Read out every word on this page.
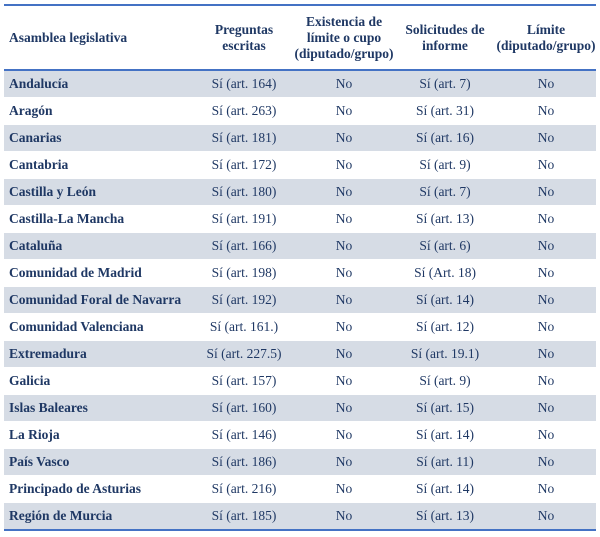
Asamblea legislativa	Preguntas escritas	Existencia de límite o cupo (diputado/grupo)	Solicitudes de informe	Límite (diputado/grupo)
Andalucía	Sí (art. 164)	No	Sí (art. 7)	No
Aragón	Sí (art. 263)	No	Sí (art. 31)	No
Canarias	Sí (art. 181)	No	Sí (art. 16)	No
Cantabria	Sí (art. 172)	No	Sí (art. 9)	No
Castilla y León	Sí (art. 180)	No	Sí (art. 7)	No
Castilla-La Mancha	Sí (art. 191)	No	Sí (art. 13)	No
Cataluña	Sí (art. 166)	No	Sí (art. 6)	No
Comunidad de Madrid	Sí (art. 198)	No	Sí (Art. 18)	No
Comunidad Foral de Navarra	Sí (art. 192)	No	Sí (art. 14)	No
Comunidad Valenciana	Sí (art. 161.)	No	Sí (art. 12)	No
Extremadura	Sí (art. 227.5)	No	Sí (art. 19.1)	No
Galicia	Sí (art. 157)	No	Sí (art. 9)	No
Islas Baleares	Sí (art. 160)	No	Sí (art. 15)	No
La Rioja	Sí (art. 146)	No	Sí (art. 14)	No
País Vasco	Sí (art. 186)	No	Sí (art. 11)	No
Principado de Asturias	Sí (art. 216)	No	Sí (art. 14)	No
Región de Murcia	Sí (art. 185)	No	Sí (art. 13)	No
